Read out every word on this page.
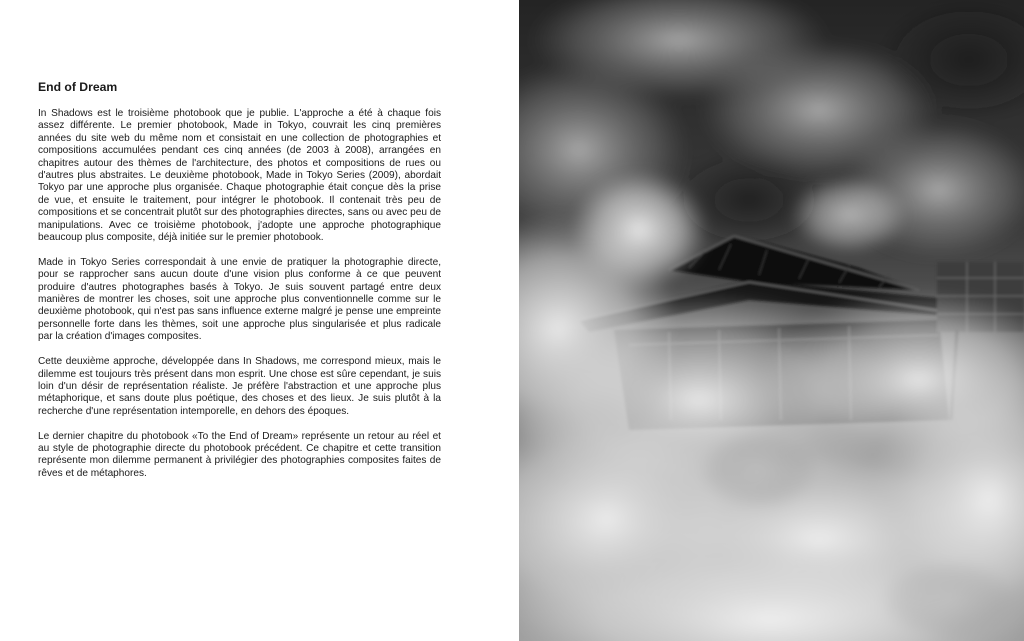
End of Dream

In Shadows est le troisième photobook que je publie. L'approche a été à chaque fois assez différente. Le premier photobook, Made in Tokyo, couvrait les cinq premières années du site web du même nom et consistait en une collection de photographies et compositions accumulées pendant ces cinq années (de 2003 à 2008), arrangées en chapitres autour des thèmes de l'architecture, des photos et compositions de rues ou d'autres plus abstraites. Le deuxième photobook, Made in Tokyo Series (2009), abordait Tokyo par une approche plus organisée. Chaque photographie était conçue dès la prise de vue, et ensuite le traitement, pour intégrer le photobook. Il contenait très peu de compositions et se concentrait plutôt sur des photographies directes, sans ou avec peu de manipulations. Avec ce troisième photobook, j'adopte une approche photographique beaucoup plus composite, déjà initiée sur le premier photobook.

Made in Tokyo Series correspondait à une envie de pratiquer la photographie directe, pour se rapprocher sans aucun doute d'une vision plus conforme à ce que peuvent produire d'autres photographes basés à Tokyo. Je suis souvent partagé entre deux manières de montrer les choses, soit une approche plus conventionnelle comme sur le deuxième photobook, qui n'est pas sans influence externe malgré je pense une empreinte personnelle forte dans les thèmes, soit une approche plus singularisée et plus radicale par la création d'images composites.

Cette deuxième approche, développée dans In Shadows, me correspond mieux, mais le dilemme est toujours très présent dans mon esprit. Une chose est sûre cependant, je suis loin d'un désir de représentation réaliste. Je préfère l'abstraction et une approche plus métaphorique, et sans doute plus poétique, des choses et des lieux. Je suis plutôt à la recherche d'une représentation intemporelle, en dehors des époques.

Le dernier chapitre du photobook «To the End of Dream» représente un retour au réel et au style de photographie directe du photobook précédent. Ce chapitre et cette transition représente mon dilemme permanent à privilégier des photographies composites faites de rêves et de métaphores.
